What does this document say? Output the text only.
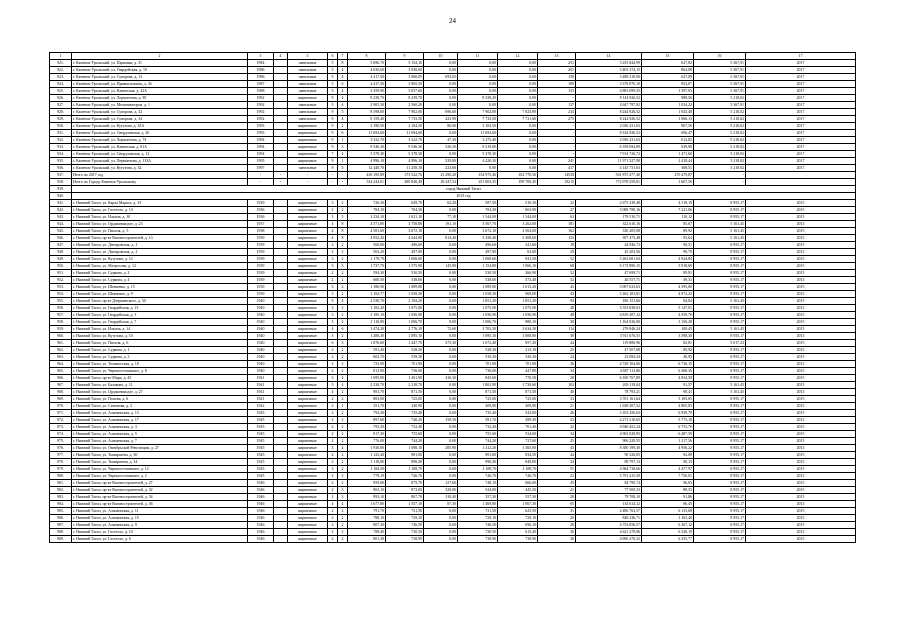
24
1	2	3	4	5	6	7	8	9	10	11	12	13	14	15	16	17
921.	г. Каменск-Уральский, ул. Парковая, д. 31	1984		панельные	5	8	5 696,70	5 154,10	0,00	0,00	0,00	251	3 235 844,99	627,82	5 367,91	2017
922.	г. Каменск-Уральский, ул. Гвардейская, д. 10	1986		панельные	5	4	4 630,60	3 938,60	0,00	0,00	0,00	201	3 403 274,15	864,08	5 367,91	2017
923.	г. Каменск-Уральский, ул. Суворова, д. 13	1986		панельные	5	4	4 417,50	3 968,05	693,05	0,00	0,00	158	3 488 318,90	627,09	5 367,91	2017
924.	г. Каменск-Уральский, ул. Привокзальная, д. 34	1987		панельные	5	6	4 417,50	3 965,50	0,00	0,00	0,00	189	3 378 870,10	852,07	5 367,91	2017
925.	г. Каменск-Уральский, ул. Каменская, д. 42А	1988		панельные	5	4	3 359,90	3 057,60	0,00	0,00	0,00	153	4 883 099,55	1 597,03	5 367,91	2017
926.	г. Каменск-Уральский, ул. Лермонтова, д. 85	1992		кирпичные	9	4	8 239,70	8 239,70	0,00	8 239,20	0,00	-	8 144 926,52	988,56	5 218,02	2017
927.	г. Каменск-Уральский, ул. Механизаторов, д. 1	1992		панельные	5	4	2 905,30	2 560,20	0,00	0,00	0,00	137	2 647 797,92	1 034,22	5 367,91	2017
928.	г. Каменск-Уральский, ул. Суворова, д. 32	1992		панельные	9	5	8 398,60	7 902,00	696,60	7 902,00	7 823,90	234	8 244 926,52	1 043,40	5 218,02	2017
929.	г. Каменск-Уральский, ул. Суворова, д. 34	1992		панельные	9	4	8 159,40	7 733,50	425,90	7 733,50	7 731,60	275	8 244 926,52	1 066,13	5 218,02	2017
930.	г. Каменск-Уральский, ул. Кутузова, д. 35А	1993		кирпичные	9	2	2 190,50	2 104,50	86,00	2 104,50	0,00	-	2 036 231,63	967,56	5 218,02	2017
931.	г. Каменск-Уральский, ул. Свердловская, д. 20	1993		кирпичные	9	6	11 694,60	11 694,60	0,00	11 694,60	0,00	-	8 144 926,52	696,47	5 218,02	2017
932.	г. Каменск-Уральский, ул. Лермонтова, д. 74	1994		кирпичные	9	1	3 322,70	3 322,70	47,30	3 275,40	0,00	-	2 036 231,63	612,82	5 218,02	2017
933.	г. Каменск-Уральский, ул. Каменская, д. 81А	1994		кирпичные	9	3	9 546,30	9 546,30	326,50	9 219,80	0,00	-	6 108 694,89	639,90	5 218,02	2017
934.	г. Каменск-Уральский, ул. Свердловская, д. 12	1994		кирпичные	7	4	5 378,30	5 378,30	0,00	5 378,30	0,00	-	7 914 726,72	1 471,60	5 218,02	2017
935.	г. Каменск-Уральский, ул. Лермонтова, д. 133А	1995		кирпичные	9	1	4 996,10	4 996,10	529,80	4 420,30	0,00	241	11 971 527,90	2 418,44	5 218,02	2017
936.	г. Каменск-Уральский, ул. Кутузова, д. 32	1997		панельные	9	5	12 440,70	11 258,10	223,60	0,00	0,00	417	4 145 731,03	368,51	5 218,02	2017
937.	Итого по 2017 год	-	-	-	-	-	416 195,89	373 522,76	21 290,20	154 975,46	102 778,56	14530	501 875 477,40	270 479,87	-	
938.	Итого по Городу Каменск-Уральскому	-	-	-	-	-	534 244,01	480 840,49	29 247,54	251 803,35	199 709,45	19215	772 978 559,01	1 607,56	-	
939.	город Нижний Тагил															
940.	2015 год															
941.	г. Нижний Тагил, ул. Карла Маркса, д. 33	1929		кирпичные	3	2	726,30	649,70	62,20	587,50	510,30	22	2 675 239,48	4 119,19	8 955,17	2015
942.	г. Нижний Тагил, ул. Гастелло, д. 13	1936		кирпичные	2	2	784,10	704,30	0,00	704,30	663,90	27	5 088 788,16	7 221,06	8 955,17	2015
943.	г. Нижний Тагил, ул. Ильича, д. 10	1936		кирпичные	3	5	2 234,10	1 621,10	77,10	1 544,00	1 544,00	63	178 510,71	110,12	8 955,17	2015
944.	г. Нижний Тагил, ул. Орджоникидзе, д. 23	1937		кирпичные	4	8	4 571,80	3 758,80	191,10	3 567,70	3 262,60	181	322 610,16	85,67	5 161,45	2015
945.	г. Нижний Тагил, ул. Пихоля, д. 5	1938		кирпичные	4	8	4 581,60	3 672,10	0,00	3 672,10	3 564,00	162	330 205,08	89,92	5 161,45	2015
946.	г. Нижний Тагил, пр-кт Вагоностроителей, д. 13	1939		кирпичные	4	8	4 952,20	4 244,80	814,40	3 430,40	3 368,60	133	397 473,48	93,64	5 161,45	2015
947.	г. Нижний Тагил, ул. Днепровская, д. 1	1939		кирпичные	2	2	560,00	496,60	0,00	496,60	341,60	18	44 946,72	90,51	8 955,17	2015
948.	г. Нижний Тагил, ул. Днепровская, д. 2	1939		кирпичные	2	2	563,20	497,90	0,00	497,90	63,00	29	45 203,56	90,79	8 955,17	2015
949.	г. Нижний Тагил, ул. Кутузова, д. 12	1939		кирпичные	3	2	1 179,70	1 068,60	0,00	1 068,60	941,50	52	5 262 681,04	4 924,84	8 955,17	2015
950.	г. Нижний Тагил, ул. Матросова, д. 12	1939		кирпичные	3	3	1 737,70	1 575,90	145,90	1 154,80	1 066,10	68	6 173 890,15	3 918,69	8 955,17	2015
951.	г. Нижний Тагил, ул. Суркова, д. 2	1939		кирпичные	2	2	594,30	530,50	0,00	530,50	266,90	32	47 699,71	89,91	8 955,17	2015
952.	г. Нижний Тагил, ул. Суркова, д. 4	1939		кирпичные	2	2	600,50	538,60	0,00	538,60	373,40	32	26 557,71	49,31	8 955,17	2015
953.	г. Нижний Тагил, ул. Шевченко, д. 15	1939		кирпичные	3	2	1 186,90	1 089,80	0,00	1 089,80	1 013,20	45	5 007 633,63	4 595,00	8 955,17	2015
954.	г. Нижний Тагил, ул. Шевченко, д. 9	1939		кирпичные	3	2	1 104,77	1 058,30	0,00	1 058,30	969,00	43	5 262 103,81	4 972,22	8 955,17	2015
955.	г. Нижний Тагил, пр-кт Дзержинского, д. 30	1940		кирпичные	5	4	2 530,70	2 194,20	0,00	1 851,30	1 851,30	94	186 151,66	84,84	5 161,45	2015
956.	г. Нижний Тагил, ул. Гвардейская, д. 15	1940		кирпичные	3	2	1 182,20	1 075,00	0,00	1 075,00	1 075,00	48	5 553 038,03	5 147,01	8 955,17	2015
957.	г. Нижний Тагил, ул. Гвардейская, д. 3	1940		кирпичные	3	2	1 185,10	1 056,90	0,00	1 056,90	1 056,90	48	4 819 207,12	4 559,76	8 955,17	2015
958.	г. Нижний Тагил, ул. Гвардейская, д. 7	1940		кирпичные	3	2	1 116,80	1 006,70	0,00	1 006,70	880,10	38	1 164 026,00	1 156,28	8 955,17	2015
959.	г. Нижний Тагил, ул. Ильича, д. 14	1940		кирпичные	4	6	3 474,20	2 776,10	72,60	2 703,50	2 634,30	114	278 846,24	100,45	5 161,45	2015
960.	г. Нижний Тагил, ул. Кутузова, д. 10	1940		кирпичные	3	2	1 206,30	1 095,10	0,00	1 095,10	1 008,80	38	3 911 676,55	3 598,30	8 955,17	2015
961.	г. Нижний Тагил, ул. Пихоля, д. 6	1940		кирпичные	6	3	1 876,60	1 447,70	375,30	1 072,40	957,20	44	119 880,96	82,81	5 017,23	2015
962.	г. Нижний Тагил, ул. Суркова, д. 1	1940		кирпичные	2	2	591,40	528,30	0,00	528,30	213,10	25	47 507,08	89,92	8 955,17	2015
963.	г. Нижний Тагил, ул. Суркова, д. 3	1940		кирпичные	2	2	602,70	539,30	0,00	539,30	330,30	24	23 084,34	40,95	8 955,17	2015
964.	г. Нижний Тагил, ул. Техническая, д. 10	1940		кирпичные	2	2	733,90	701,90	0,00	701,90	701,90	26	4 728 104,06	6 736,15	8 955,17	2015
965.	г. Нижний Тагил, ул. Черноисточинское, д. 8	1940		кирпичные	2	2	812,90	736,00	0,00	736,00	447,80	34	4 687 113,86	6 368,36	8 955,17	2015
966.	г. Нижний Тагил, пр-кт Мира, д. 45	1941		кирпичные	3	4	1 695,00	1 261,90	416,30	845,60	770,50	28	6 100 767,89	4 834,59	8 955,17	2015
967.	г. Нижний Тагил, ул. Балакова, д. 11	1941		кирпичные	5	4	2 530,70	2 218,70	0,00	1 802,90	1 730,60	102	203 119,04	91,57	5 161,45	2015
968.	г. Нижний Тагил, ул. Орджоникидзе, д. 27	1941		кирпичные	4	2	981,70	871,50	0,00	871,50	871,50	40	78 793,21	90,41	5 161,45	2015
969.	г. Нижний Тагил, ул. Попова, д. 6	1941		кирпичные	2	2	803,00	725,00	0,00	725,00	725,00	33	3 701 161,64	5 105,05	8 955,17	2015
970.	г. Нижний Тагил, ул. Семенова, д. 2	1942		кирпичные	2	1	351,70	340,90	0,00	309,90	309,90	21	1 638 307,52	4 805,83	8 955,17	2015
971.	г. Нижний Тагил, ул. Алапаевская, д. 13	1945		кирпичные	2	2	794,30	735,40	0,00	735,40	543,00	46	5 103 456,63	6 939,70	8 955,17	2015
972.	г. Нижний Тагил, ул. Алапаевская, д. 17	1945		кирпичные	2	2	897,60	740,20	158,50	581,70	389,30	23	4 273 310,65	5 773,18	8 955,17	2015
973.	г. Нижний Тагил, ул. Алапаевская, д. 3	1945		кирпичные	2	2	793,20	732,40	0,00	732,40	701,40	22	4 946 452,24	6 753,76	8 955,17	2015
974.	г. Нижний Тагил, ул. Алапаевская, д. 5	1945		кирпичные	2	2	817,30	755,60	0,00	755,60	534,60	34	4 902 020,95	6 487,59	8 955,17	2015
975.	г. Нижний Тагил, ул. Алапаевская, д. 7	1945		кирпичные	2	2	776,00	744,20	0,00	744,20	727,60	25	906 229,55	1 217,56	8 955,17	2015
976.	г. Нижний Тагил, ул. Октябрьской Революции, д. 27	1945		кирпичные	3	4	1 930,80	1 698,10	285,90	1 412,20	1 365,00	43	8 380 199,30	4 956,22	8 955,17	2015
977.	г. Нижний Тагил, ул. Тимирязева, д. 30	1945		кирпичные	2	2	1 123,40	981,00	0,00	981,00	834,50	44	90 326,85	92,08	8 955,17	2015
978.	г. Нижний Тагил, ул. Тимирязева, д. 34	1945		кирпичные	2	2	1 118,80	896,30	0,00	996,30	849,80	34	89 797,13	90,13	8 955,17	2015
979.	г. Нижний Тагил, ул. Черноисточинское, д. 12	1945		кирпичные	3	2	1 184,50	1 108,70	0,00	1 108,70	1 108,70	51	4 964 738,66	4 477,97	8 955,17	2015
980.	г. Нижний Тагил, ул. Черноисточинское, д. 2	1945		кирпичные	2	2	779,10	746,70	0,00	746,70	746,70	22	5 791 415,58	7 756,01	8 955,17	2015
981.	г. Нижний Тагил, пр-кт Вагоностроителей, д. 27	1946		кирпичные	2	2	959,80	875,70	127,60	748,10	666,00	45	84 790,74	96,83	8 955,17	2015
982.	г. Нижний Тагил, пр-кт Вагоностроителей, д. 32	1946		кирпичные	2	3	963,10	873,00	329,00	544,00	445,30	21	77 500,33	88,55	8 955,17	2015
983.	г. Нижний Тагил, пр-кт Вагоностроителей, д. 34	1946		кирпичные	2	3	993,10	867,70	310,40	557,30	557,30	28	79 708,10	91,86	8 955,17	2015
984.	г. Нижний Тагил, пр-кт Вагоностроителей, д. 36	1946		кирпичные	4	4	1 677,80	1 557,10	87,30	1 469,80	1 067,30	65	134 614,12	86,45	8 955,17	2015
985.	г. Нижний Тагил, ул. Алапаевская, д. 11	1946		кирпичные	2	2	791,70	731,50	0,00	731,50	625,50	31	4 486 763,57	6 133,68	8 955,17	2015
986.	г. Нижний Тагил, ул. Алапаевская, д. 15	1946		кирпичные	2	2	788,10	729,10	0,00	729,10	729,10	20	848 236,71	1 163,40	8 955,17	2015
987.	г. Нижний Тагил, ул. Алапаевская, д. 9	1946		кирпичные	2	2	807,30	746,50	0,00	746,50	696,10	28	4 753 056,57	6 367,12	8 955,17	2015
988.	г. Нижний Тагил, ул. Гастелло, д. 10	1946		кирпичные	2	2	789,40	730,50	0,00	730,50	615,40	30	4 621 278,96	6 326,19	8 955,17	2015
989.	г. Нижний Тагил, ул. Гастелло, д. 6	1946		кирпичные	2	2	801,30	738,90	0,00	738,90	738,90	30	4 696 276,32	6 355,77	8 955,17	2015
